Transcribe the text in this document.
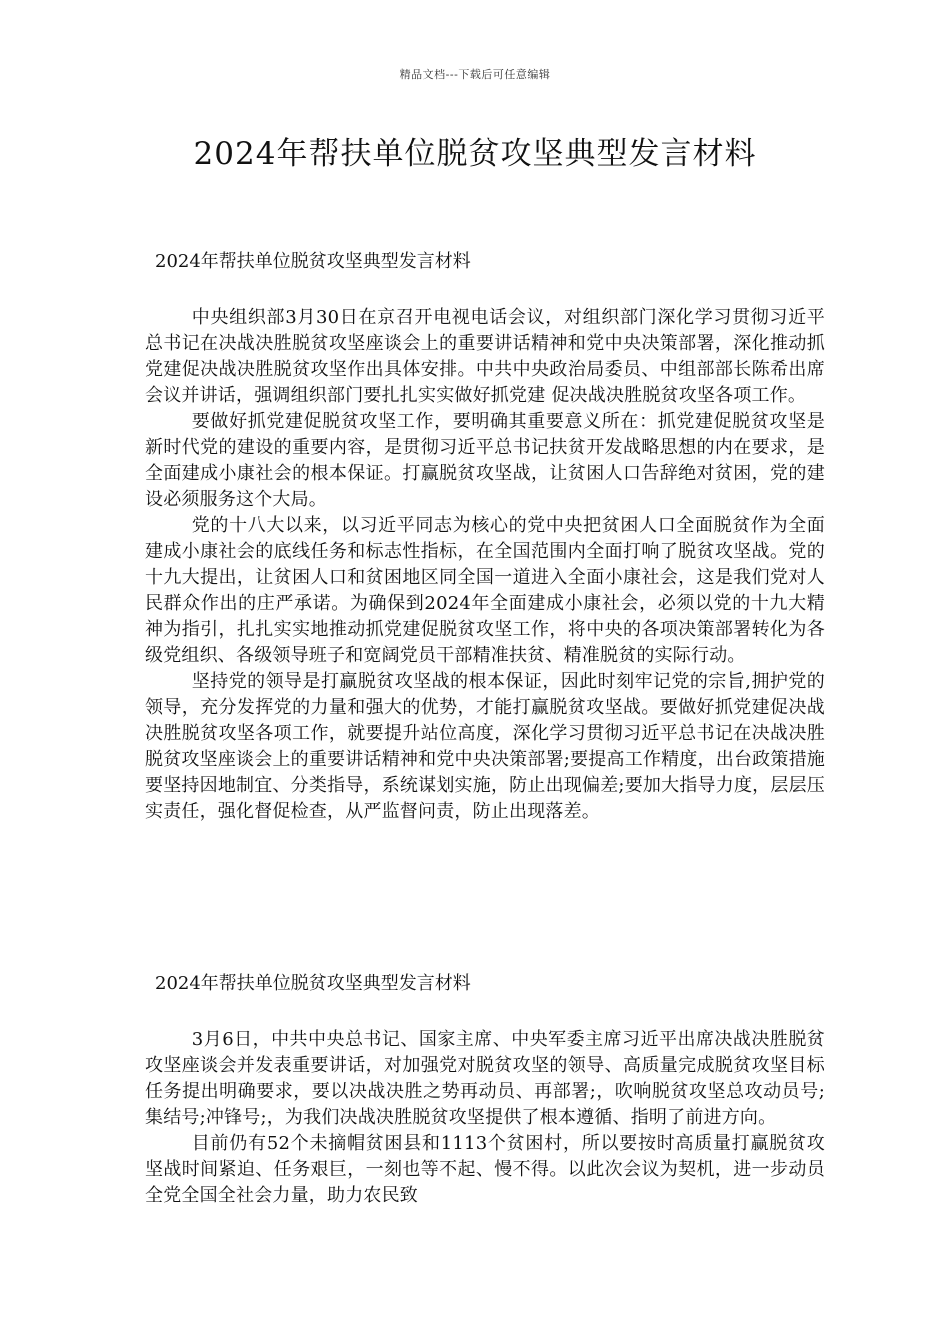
精品文档---下载后可任意编辑
2024年帮扶单位脱贫攻坚典型发言材料

2024年帮扶单位脱贫攻坚典型发言材料

中央组织部3月30日在京召开电视电话会议，对组织部门深化学习贯彻习近平总书记在决战决胜脱贫攻坚座谈会上的重要讲话精神和党中央决策部署，深化推动抓党建促决战决胜脱贫攻坚作出具体安排。中共中央政治局委员、中组部部长陈希出席会议并讲话，强调组织部门要扎扎实实做好抓党建 促决战决胜脱贫攻坚各项工作。

要做好抓党建促脱贫攻坚工作，要明确其重要意义所在：抓党建促脱贫攻坚是新时代党的建设的重要内容，是贯彻习近平总书记扶贫开发战略思想的内在要求，是全面建成小康社会的根本保证。打赢脱贫攻坚战，让贫困人口告辞绝对贫困，党的建设必须服务这个大局。

党的十八大以来，以习近平同志为核心的党中央把贫困人口全面脱贫作为全面建成小康社会的底线任务和标志性指标，在全国范围内全面打响了脱贫攻坚战。党的十九大提出，让贫困人口和贫困地区同全国一道进入全面小康社会，这是我们党对人民群众作出的庄严承诺。为确保到2024年全面建成小康社会，必须以党的十九大精神为指引，扎扎实实地推动抓党建促脱贫攻坚工作，将中央的各项决策部署转化为各级党组织、各级领导班子和宽阔党员干部精准扶贫、精准脱贫的实际行动。

坚持党的领导是打赢脱贫攻坚战的根本保证，因此时刻牢记党的宗旨,拥护党的领导，充分发挥党的力量和强大的优势，才能打赢脱贫攻坚战。要做好抓党建促决战决胜脱贫攻坚各项工作，就要提升站位高度，深化学习贯彻习近平总书记在决战决胜脱贫攻坚座谈会上的重要讲话精神和党中央决策部署;要提高工作精度，出台政策措施要坚持因地制宜、分类指导，系统谋划实施，防止出现偏差;要加大指导力度，层层压实责任，强化督促检查，从严监督问责，防止出现落差。

2024年帮扶单位脱贫攻坚典型发言材料

3月6日，中共中央总书记、国家主席、中央军委主席习近平出席决战决胜脱贫攻坚座谈会并发表重要讲话，对加强党对脱贫攻坚的领导、高质量完成脱贫攻坚目标任务提出明确要求，要以决战决胜之势再动员、再部署;，吹响脱贫攻坚总攻动员号;集结号;冲锋号;，为我们决战决胜脱贫攻坚提供了根本遵循、指明了前进方向。

目前仍有52个未摘帽贫困县和1113个贫困村，所以要按时高质量打赢脱贫攻坚战时间紧迫、任务艰巨，一刻也等不起、慢不得。以此次会议为契机，进一步动员全党全国全社会力量，助力农民致
